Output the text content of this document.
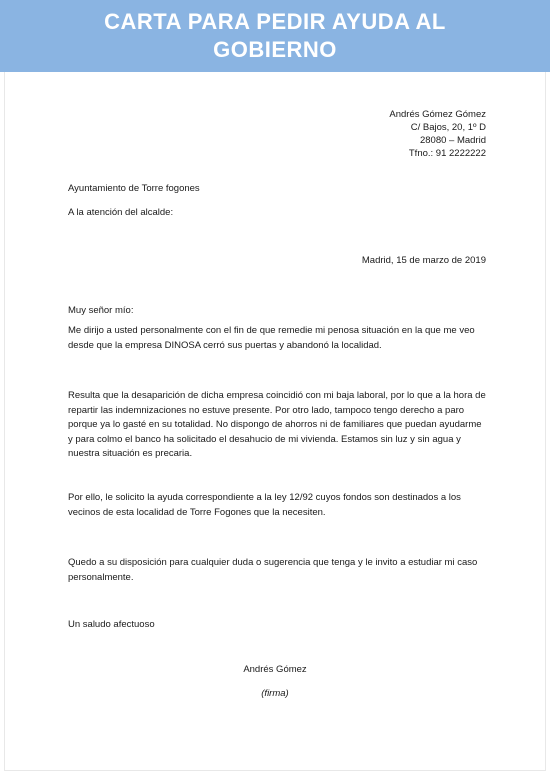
CARTA PARA PEDIR AYUDA AL
GOBIERNO
Andrés Gómez Gómez
C/ Bajos, 20, 1º D
28080 – Madrid
Tfno.: 91 2222222
Ayuntamiento de Torre fogones
A la atención del alcalde:
Madrid, 15 de marzo de 2019
Muy señor mío:
Me dirijo a usted personalmente con el fin de que remedie mi penosa situación en la que me veo desde que la empresa DINOSA cerró sus puertas y abandonó la localidad.
Resulta que la desaparición de dicha empresa coincidió con mi baja laboral, por lo que a la hora de repartir las indemnizaciones no estuve presente. Por otro lado, tampoco tengo derecho a paro porque ya lo gasté en su totalidad. No dispongo de ahorros ni de familiares que puedan ayudarme y para colmo el banco ha solicitado el desahucio de mi vivienda. Estamos sin luz y sin agua y nuestra situación es precaria.
Por ello, le solicito la ayuda correspondiente a la ley 12/92 cuyos fondos son destinados a los vecinos de esta localidad de Torre Fogones que la necesiten.
Quedo a su disposición para cualquier duda o sugerencia que tenga y le invito a estudiar mi caso personalmente.
Un saludo afectuoso
Andrés Gómez
(firma)
